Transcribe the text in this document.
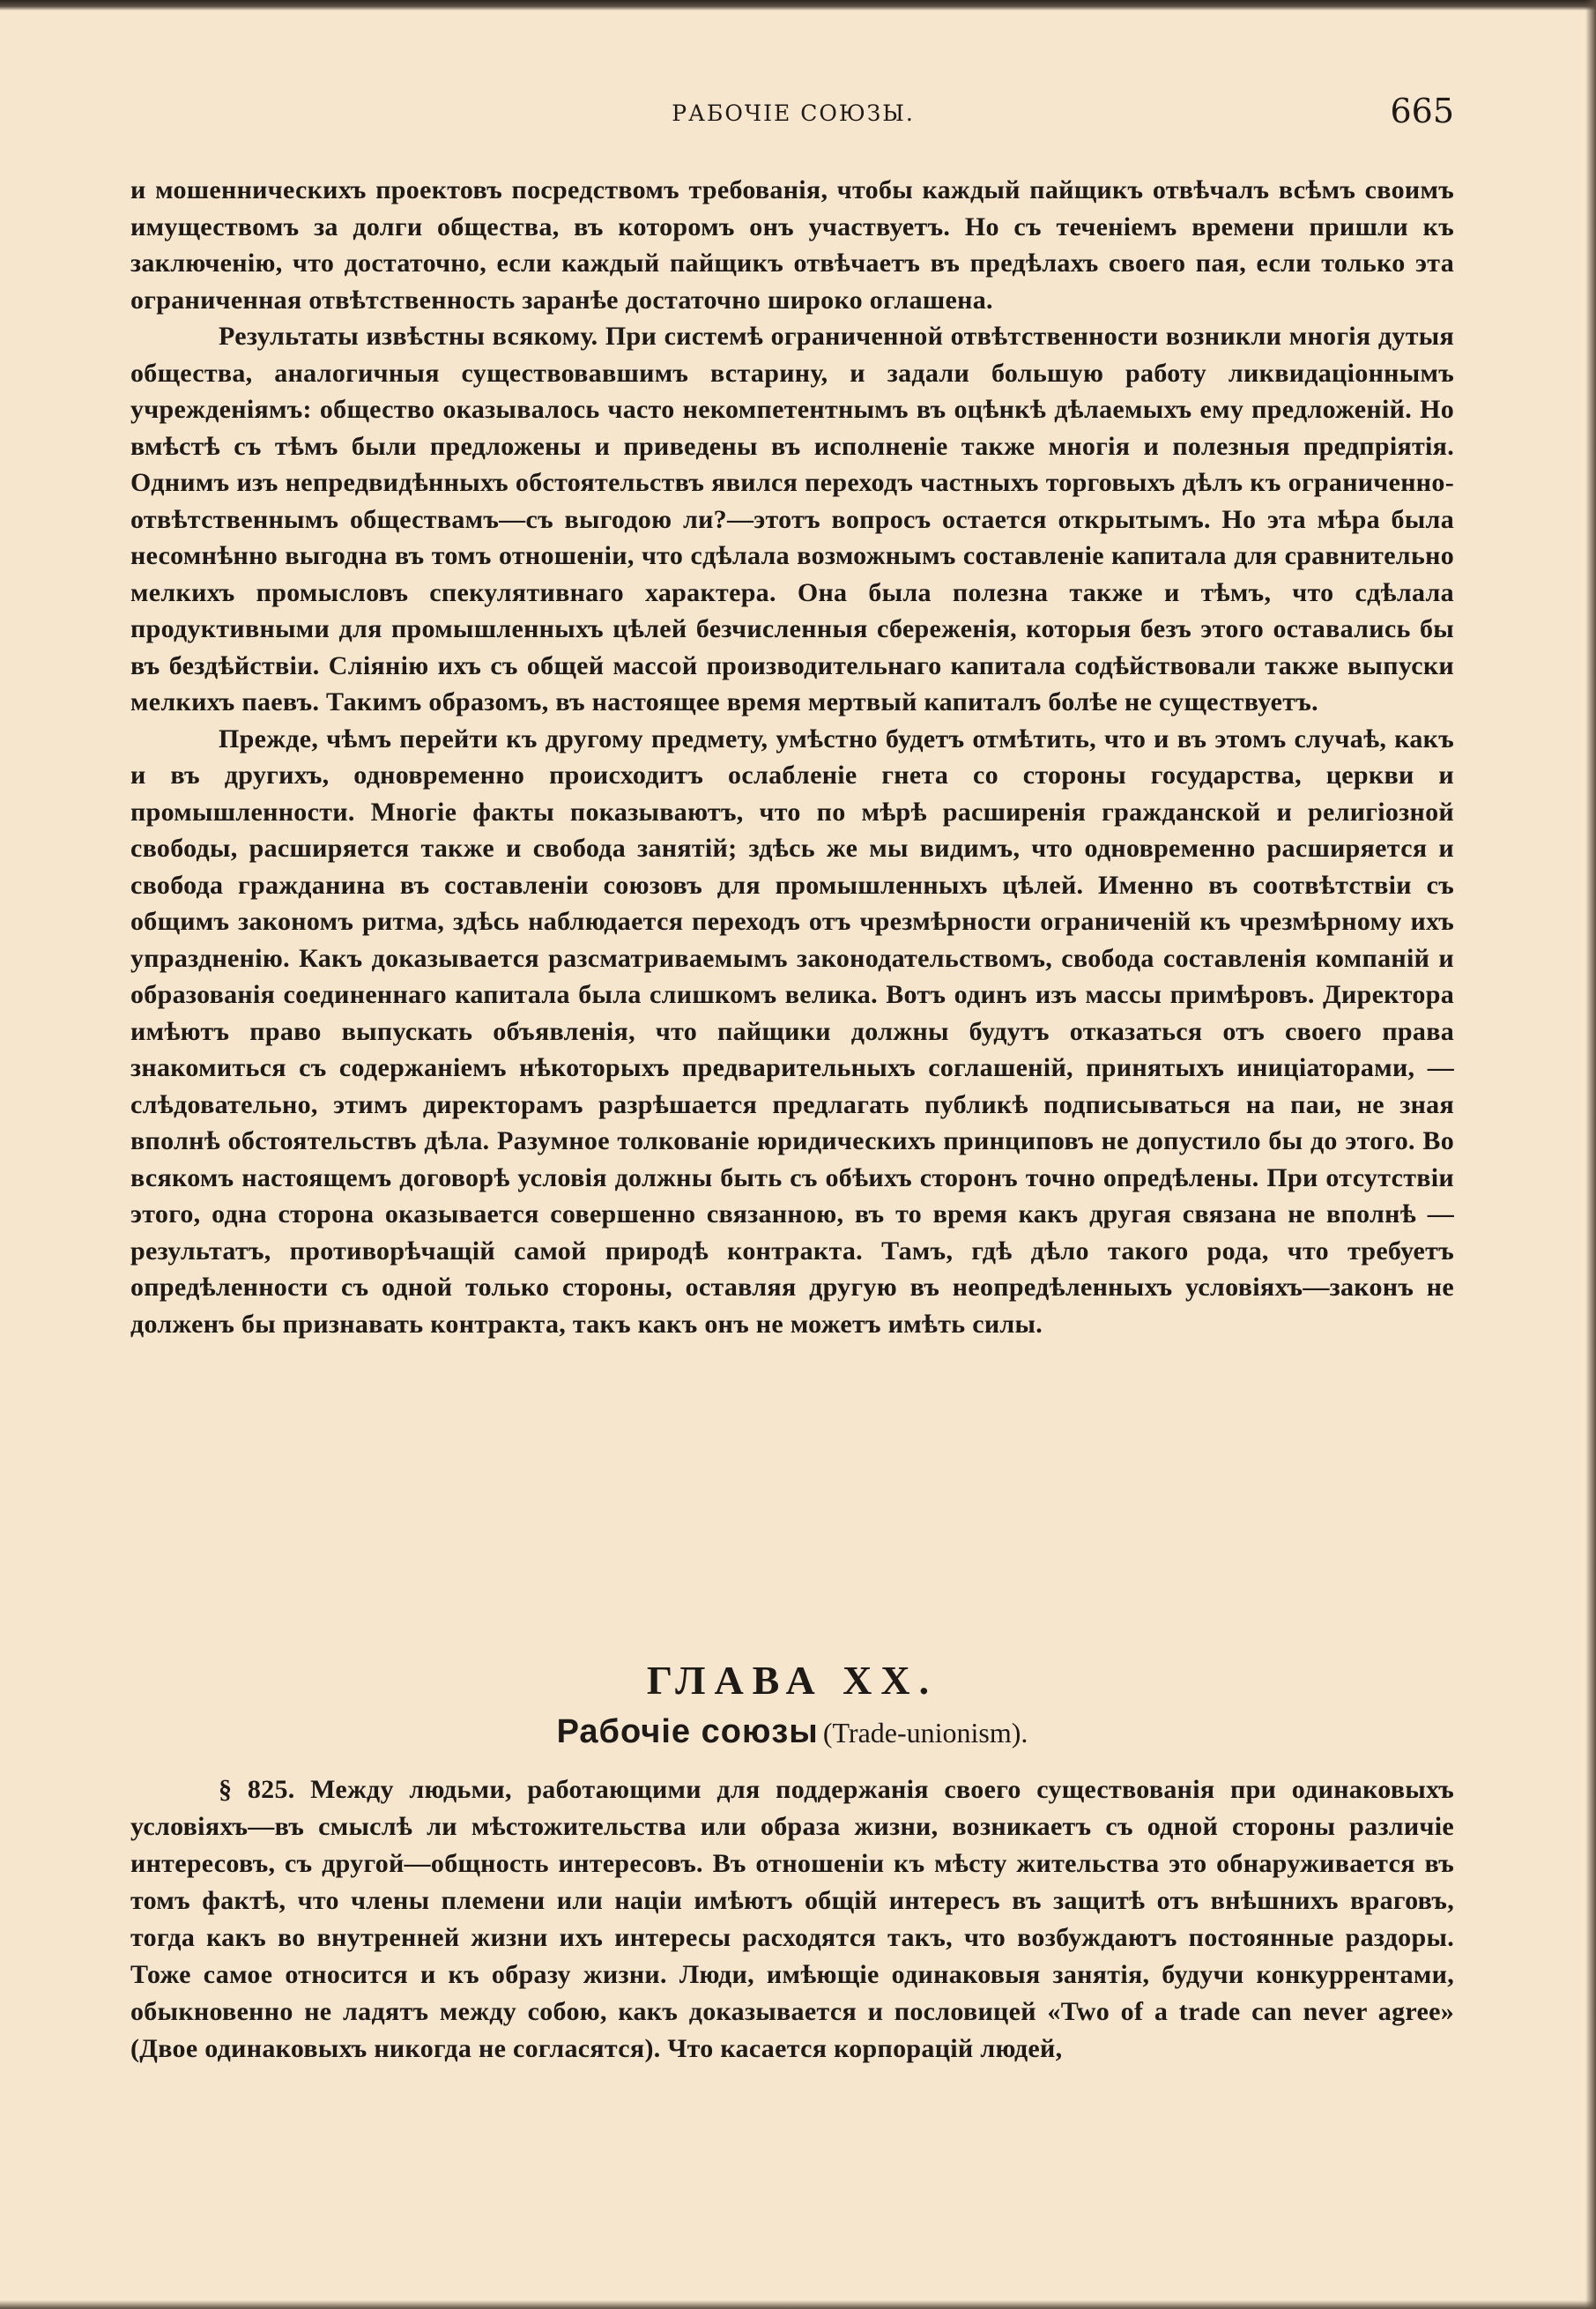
РАБОЧІЕ СОЮЗЫ.	665

и мошенническихъ проектовъ посредствомъ требованія, чтобы каждый пайщикъ отвѣчалъ всѣмъ своимъ имуществомъ за долги общества, въ которомъ онъ участвуетъ. Но съ теченіемъ времени пришли къ заключенію, что достаточно, если каждый пайщикъ отвѣчаетъ въ предѣлахъ своего пая, если только эта ограниченная отвѣтственность заранѣе достаточно широко оглашена.

Результаты извѣстны всякому. При системѣ ограниченной отвѣтственности возникли многія дутыя общества, аналогичныя существовавшимъ встарину, и задали большую работу ликвидаціоннымъ учрежденіямъ: общество оказывалось часто некомпетентнымъ въ оцѣнкѣ дѣлаемыхъ ему предложеній. Но вмѣстѣ съ тѣмъ были предложены и приведены въ исполненіе также многія и полезныя предпріятія. Однимъ изъ непредвидѣнныхъ обстоятельствъ явился переходъ частныхъ торговыхъ дѣлъ къ ограниченно-отвѣтственнымъ обществамъ—съ выгодою ли?—этотъ вопросъ остается открытымъ. Но эта мѣра была несомнѣнно выгодна въ томъ отношеніи, что сдѣлала возможнымъ составленіе капитала для сравнительно мелкихъ промысловъ спекулятивнаго характера. Она была полезна также и тѣмъ, что сдѣлала продуктивными для промышленныхъ цѣлей безчисленныя сбереженія, которыя безъ этого оставались бы въ бездѣйствіи. Сліянію ихъ съ общей массой производительнаго капитала содѣйствовали также выпуски мелкихъ паевъ. Такимъ образомъ, въ настоящее время мертвый капиталъ болѣе не существуетъ.

Прежде, чѣмъ перейти къ другому предмету, умѣстно будетъ отмѣтить, что и въ этомъ случаѣ, какъ и въ другихъ, одновременно происходитъ ослабленіе гнета со стороны государства, церкви и промышленности. Многіе факты показываютъ, что по мѣрѣ расширенія гражданской и религіозной свободы, расширяется также и свобода занятій; здѣсь же мы видимъ, что одновременно расширяется и свобода гражданина въ составленіи союзовъ для промышленныхъ цѣлей. Именно въ соотвѣтствіи съ общимъ закономъ ритма, здѣсь наблюдается переходъ отъ чрезмѣрности ограниченій къ чрезмѣрному ихъ упраздненію. Какъ доказывается разсматриваемымъ законодательствомъ, свобода составленія компаній и образованія соединеннаго капитала была слишкомъ велика. Вотъ одинъ изъ массы примѣровъ. Директора имѣютъ право выпускать объявленія, что пайщики должны будутъ отказаться отъ своего права знакомиться съ содержаніемъ нѣкоторыхъ предварительныхъ соглашеній, принятыхъ иниціаторами, — слѣдовательно, этимъ директорамъ разрѣшается предлагать публикѣ подписываться на паи, не зная вполнѣ обстоятельствъ дѣла. Разумное толкованіе юридическихъ принциповъ не допустило бы до этого. Во всякомъ настоящемъ договорѣ условія должны быть съ обѣихъ сторонъ точно опредѣлены. При отсутствіи этого, одна сторона оказывается совершенно связанною, въ то время какъ другая связана не вполнѣ — результатъ, противорѣчащій самой природѣ контракта. Тамъ, гдѣ дѣло такого рода, что требуетъ опредѣленности съ одной только стороны, оставляя другую въ неопредѣленныхъ условіяхъ—законъ не долженъ бы признавать контракта, такъ какъ онъ не можетъ имѣть силы.

ГЛАВА XX.
Рабочіе союзы (Trade-unionism).

§ 825. Между людьми, работающими для поддержанія своего существованія при одинаковыхъ условіяхъ—въ смыслѣ ли мѣстожительства или образа жизни, возникаетъ съ одной стороны различіе интересовъ, съ другой—общность интересовъ. Въ отношеніи къ мѣсту жительства это обнаруживается въ томъ фактѣ, что члены племени или націи имѣютъ общій интересъ въ защитѣ отъ внѣшнихъ враговъ, тогда какъ во внутренней жизни ихъ интересы расходятся такъ, что возбуждаютъ постоянные раздоры. Тоже самое относится и къ образу жизни. Люди, имѣющіе одинаковыя занятія, будучи конкуррентами, обыкновенно не ладятъ между собою, какъ доказывается и пословицей «Two of a trade can never agree» (Двое одинаковыхъ никогда не согласятся). Что касается корпорацій людей,
